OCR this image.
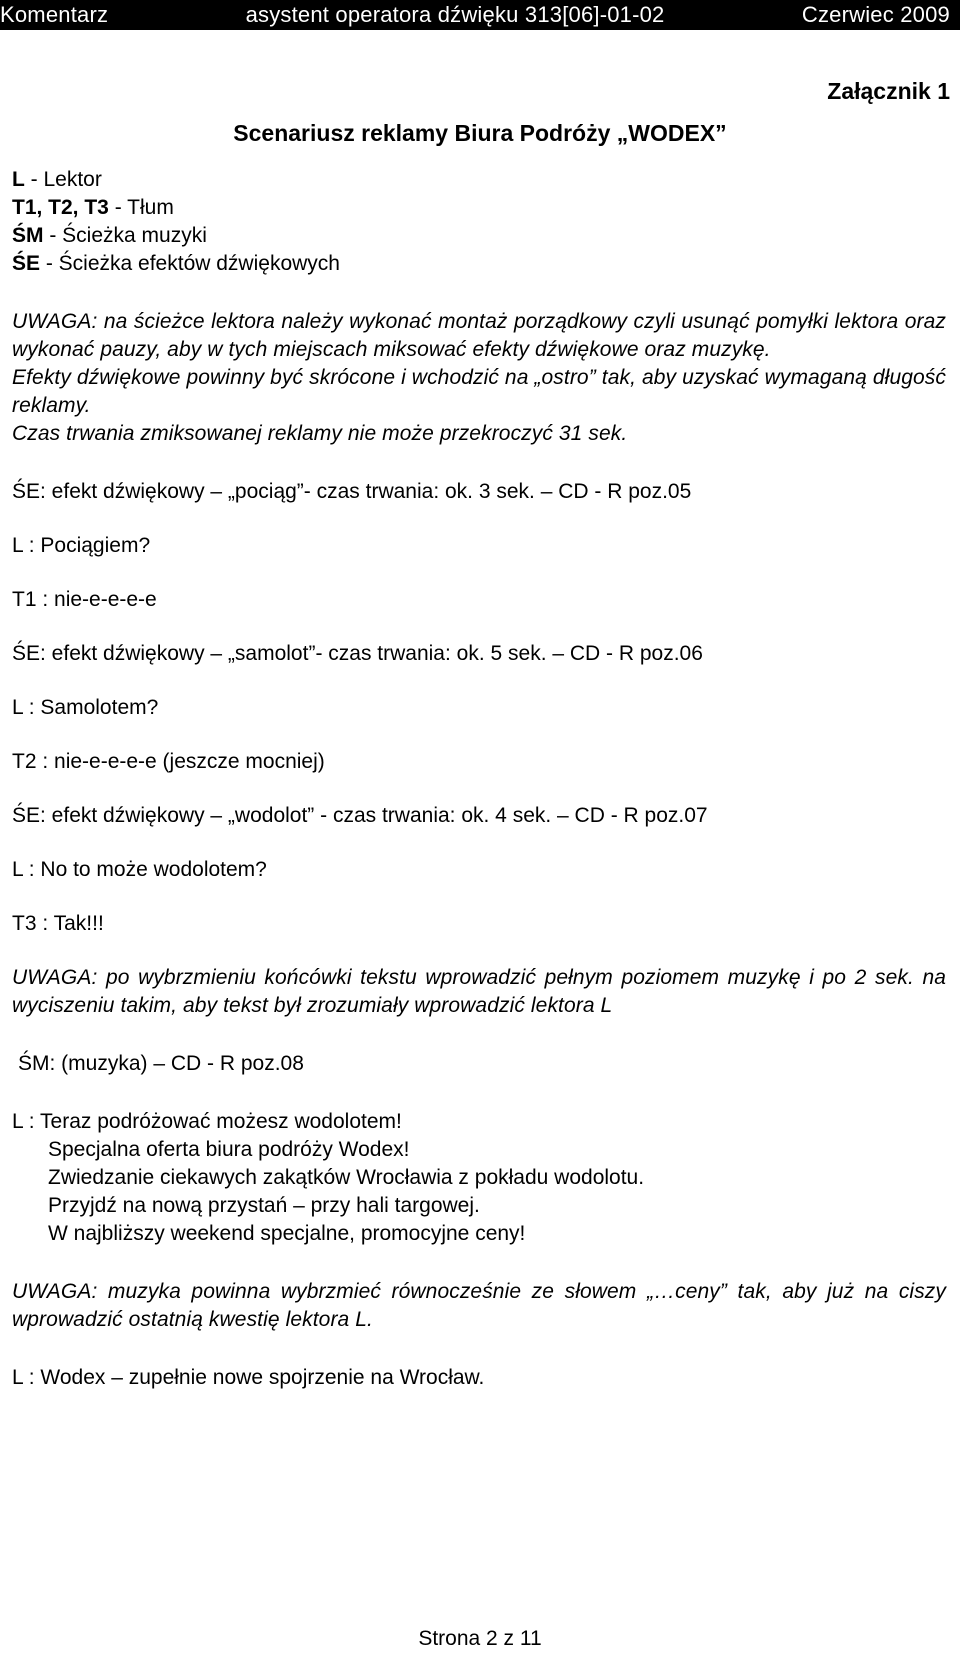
Komentarz	asystent operatora dźwięku 313[06]-01-02	Czerwiec 2009
Załącznik 1
Scenariusz reklamy Biura Podróży „WODEX”
L - Lektor
T1, T2, T3 - Tłum
ŚM - Ścieżka muzyki
ŚE - Ścieżka efektów dźwiękowych

UWAGA: na ścieżce lektora należy wykonać montaż porządkowy czyli usunąć pomyłki lektora oraz wykonać pauzy, aby w tych miejscach miksować efekty dźwiękowe oraz muzykę.

Efekty dźwiękowe powinny być skrócone i wchodzić na „ostro” tak, aby uzyskać wymaganą długość reklamy.

Czas trwania zmiksowanej reklamy nie może przekroczyć 31 sek.

ŚE: efekt dźwiękowy – „pociąg”- czas trwania: ok. 3 sek. – CD - R poz.05

L : Pociągiem?

T1 : nie-e-e-e-e

ŚE: efekt dźwiękowy – „samolot”- czas trwania: ok. 5 sek. – CD - R poz.06

L : Samolotem?

T2 : nie-e-e-e-e (jeszcze mocniej)

ŚE: efekt dźwiękowy – „wodolot” - czas trwania: ok. 4 sek. – CD - R poz.07

L : No to może wodolotem?

T3 : Tak!!!

UWAGA: po wybrzmieniu końcówki tekstu wprowadzić pełnym poziomem muzykę i po 2 sek. na wyciszeniu takim, aby tekst był zrozumiały wprowadzić lektora L

ŚM: (muzyka) – CD - R poz.08

L : Teraz podróżować możesz wodolotem!

Specjalna oferta biura podróży Wodex!

Zwiedzanie ciekawych zakątków Wrocławia z pokładu wodolotu.

Przyjdź na nową przystań – przy hali targowej.

W najbliższy weekend specjalne, promocyjne ceny!

UWAGA: muzyka powinna wybrzmieć równocześnie ze słowem „…ceny” tak, aby już na ciszy wprowadzić ostatnią kwestię lektora L.

L : Wodex – zupełnie nowe spojrzenie na Wrocław.

Strona 2 z 11
